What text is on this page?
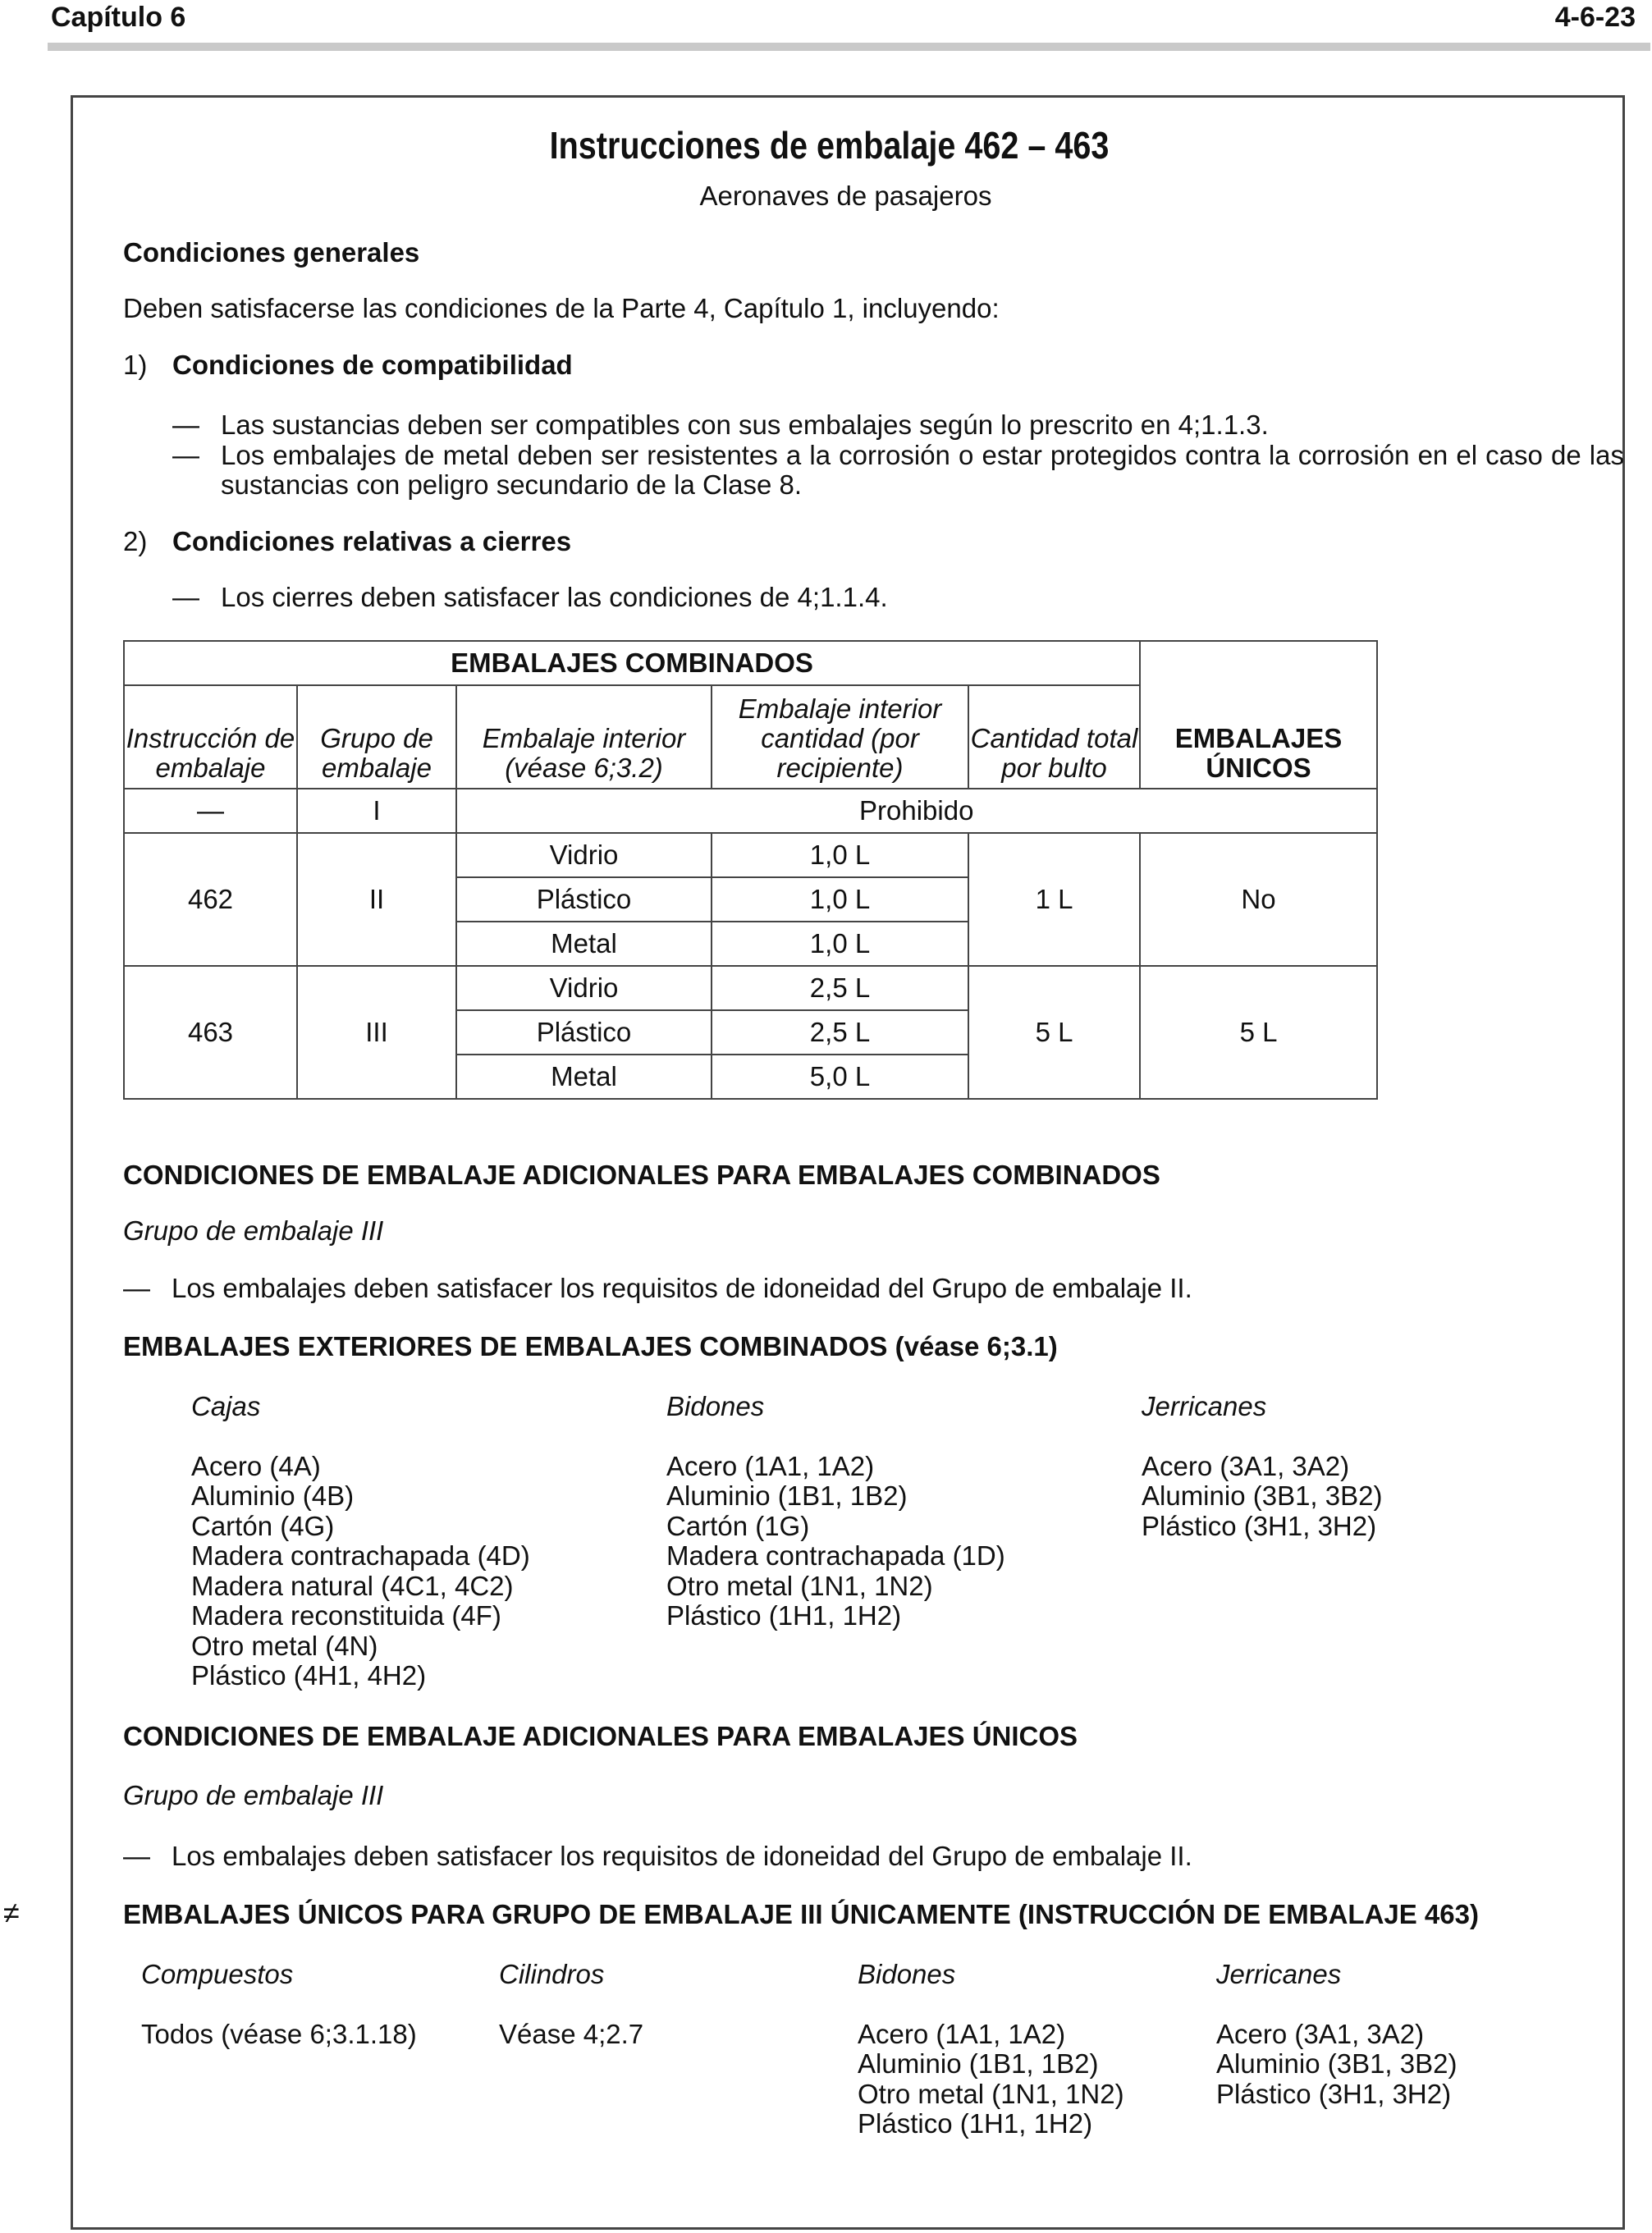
Capítulo 6	4-6-23
Instrucciones de embalaje 462 – 463
Aeronaves de pasajeros
Condiciones generales
Deben satisfacerse las condiciones de la Parte 4, Capítulo 1, incluyendo:
1) Condiciones de compatibilidad
— Las sustancias deben ser compatibles con sus embalajes según lo prescrito en 4;1.1.3.
— Los embalajes de metal deben ser resistentes a la corrosión o estar protegidos contra la corrosión en el caso de las sustancias con peligro secundario de la Clase 8.
2) Condiciones relativas a cierres
— Los cierres deben satisfacer las condiciones de 4;1.1.4.
EMBALAJES COMBINADOS					EMBALAJES ÚNICOS
Instrucción de embalaje	Grupo de embalaje	Embalaje interior (véase 6;3.2)	Embalaje interior cantidad (por recipiente)	Cantidad total por bulto	
—	I	Prohibido			
462	II	Vidrio	1,0 L	1 L	No
		Plástico	1,0 L		
		Metal	1,0 L		
463	III	Vidrio	2,5 L	5 L	5 L
		Plástico	2,5 L		
		Metal	5,0 L		
CONDICIONES DE EMBALAJE ADICIONALES PARA EMBALAJES COMBINADOS
Grupo de embalaje III
— Los embalajes deben satisfacer los requisitos de idoneidad del Grupo de embalaje II.
EMBALAJES EXTERIORES DE EMBALAJES COMBINADOS (véase 6;3.1)
Cajas
Acero (4A)
Aluminio (4B)
Cartón (4G)
Madera contrachapada (4D)
Madera natural (4C1, 4C2)
Madera reconstituida (4F)
Otro metal (4N)
Plástico (4H1, 4H2)
Bidones
Acero (1A1, 1A2)
Aluminio (1B1, 1B2)
Cartón (1G)
Madera contrachapada (1D)
Otro metal (1N1, 1N2)
Plástico (1H1, 1H2)
Jerricanes
Acero (3A1, 3A2)
Aluminio (3B1, 3B2)
Plástico (3H1, 3H2)
CONDICIONES DE EMBALAJE ADICIONALES PARA EMBALAJES ÚNICOS
Grupo de embalaje III
— Los embalajes deben satisfacer los requisitos de idoneidad del Grupo de embalaje II.
≠	EMBALAJES ÚNICOS PARA GRUPO DE EMBALAJE III ÚNICAMENTE (INSTRUCCIÓN DE EMBALAJE 463)
Compuestos
Todos (véase 6;3.1.18)
Cilindros
Véase 4;2.7
Bidones
Acero (1A1, 1A2)
Aluminio (1B1, 1B2)
Otro metal (1N1, 1N2)
Plástico (1H1, 1H2)
Jerricanes
Acero (3A1, 3A2)
Aluminio (3B1, 3B2)
Plástico (3H1, 3H2)
